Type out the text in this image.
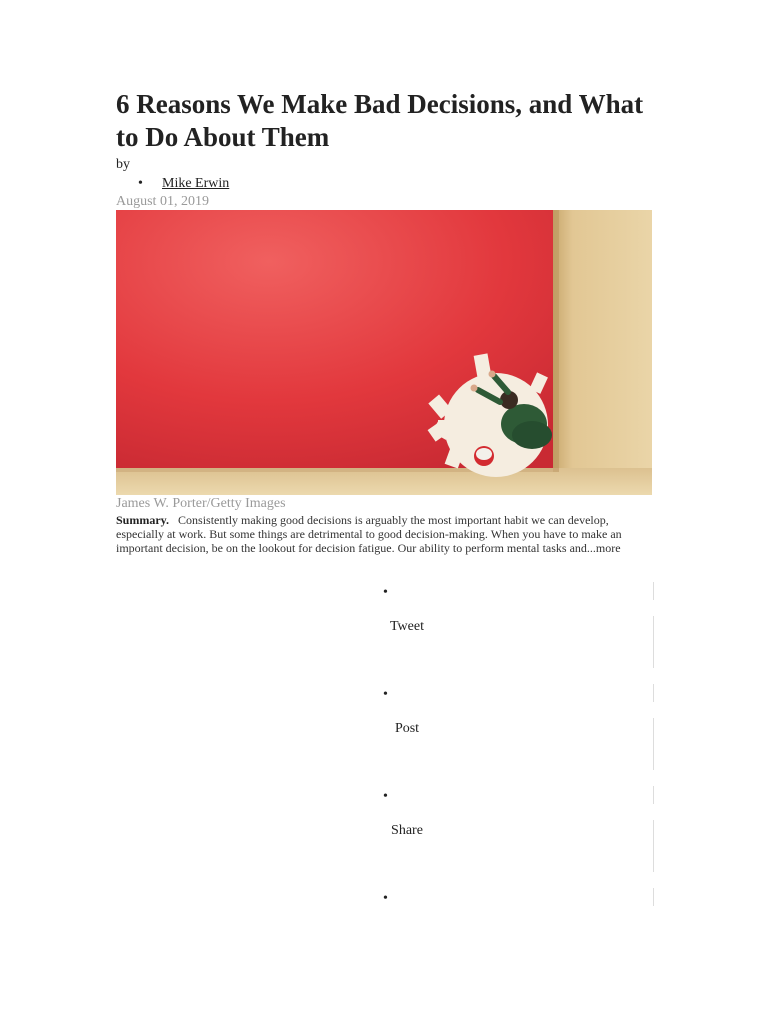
6 Reasons We Make Bad Decisions, and What to Do About Them
by
• Mike Erwin
August 01, 2019
James W. Porter/Getty Images
Summary. Consistently making good decisions is arguably the most important habit we can develop, especially at work. But some things are detrimental to good decision-making. When you have to make an important decision, be on the lookout for decision fatigue. Our ability to perform mental tasks and...more
•
Tweet
•
Post
•
Share
•
